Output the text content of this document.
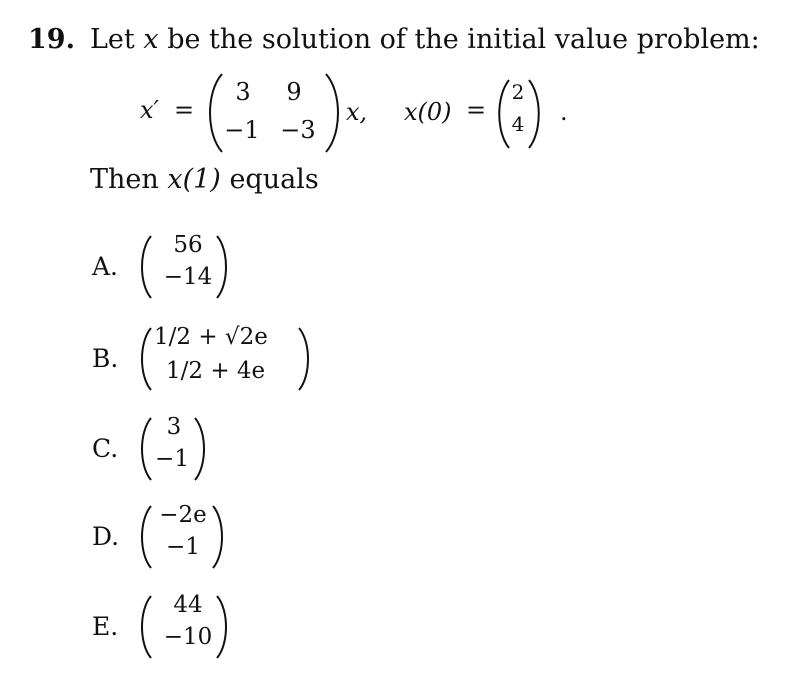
19. Let x be the solution of the initial value problem:
x′ =
3	9
−1 −3
x, x(0) =
2
4 .
Then x(1) equals
A.
56
−14
B.
1/2 + √2e
1/2 + 4e
C.
3
−1
D.
−2e
−1
E.
44
−10
